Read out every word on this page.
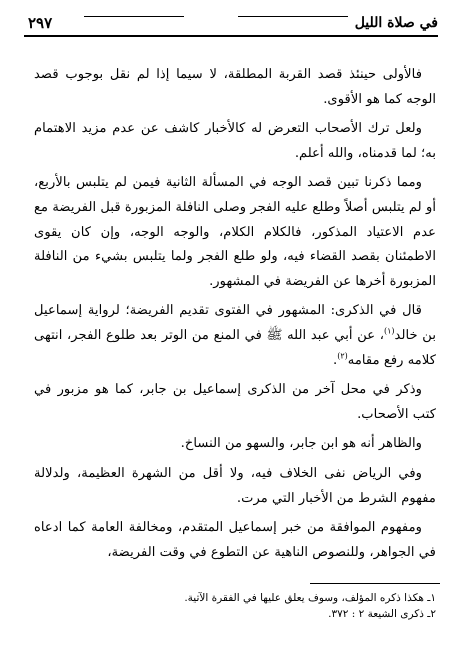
في صلاة الليل
٢٩٧

فالأولى حينئذ قصد القربة المطلقة، لا سيما إذا لم نقل بوجوب قصد الوجه كما هو الأقوى.

ولعل ترك الأصحاب التعرض له كالأخبار كاشف عن عدم مزيد الاهتمام به؛ لما قدمناه، والله أعلم.

ومما ذكرنا تبين قصد الوجه في المسألة الثانية فيمن لم يتلبس بالأربع، أو لم يتلبس أصلاً وطلع عليه الفجر وصلى النافلة المزبورة قبل الفريضة مع عدم الاعتياد المذكور، فالكلام الكلام، والوجه الوجه، وإن كان يقوى الاطمئنان بقصد القضاء فيه، ولو طلع الفجر ولما يتلبس بشيء من النافلة المزبورة أخرها عن الفريضة في المشهور.

قال في الذكرى: المشهور في الفتوى تقديم الفريضة؛ لرواية إسماعيل بن خالد$^{(١)}$، عن أبي عبد الله ﷺ في المنع من الوتر بعد طلوع الفجر، انتهى كلامه رفع مقامه$^{(٢)}$.

وذكر في محل آخر من الذكرى إسماعيل بن جابر، كما هو مزبور في كتب الأصحاب.

والظاهر أنه هو ابن جابر، والسهو من النساخ.

وفي الرياض نفى الخلاف فيه، ولا أقل من الشهرة العظيمة، ولدلالة مفهوم الشرط من الأخبار التي مرت.

ومفهوم الموافقة من خبر إسماعيل المتقدم، ومخالفة العامة كما ادعاه في الجواهر، وللنصوص الناهية عن التطوع في وقت الفريضة،

١ـ هكذا ذكره المؤلف، وسوف يعلق عليها في الفقرة الآتية.
٢ـ ذكرى الشيعة ٢ : ٣٧٢.
